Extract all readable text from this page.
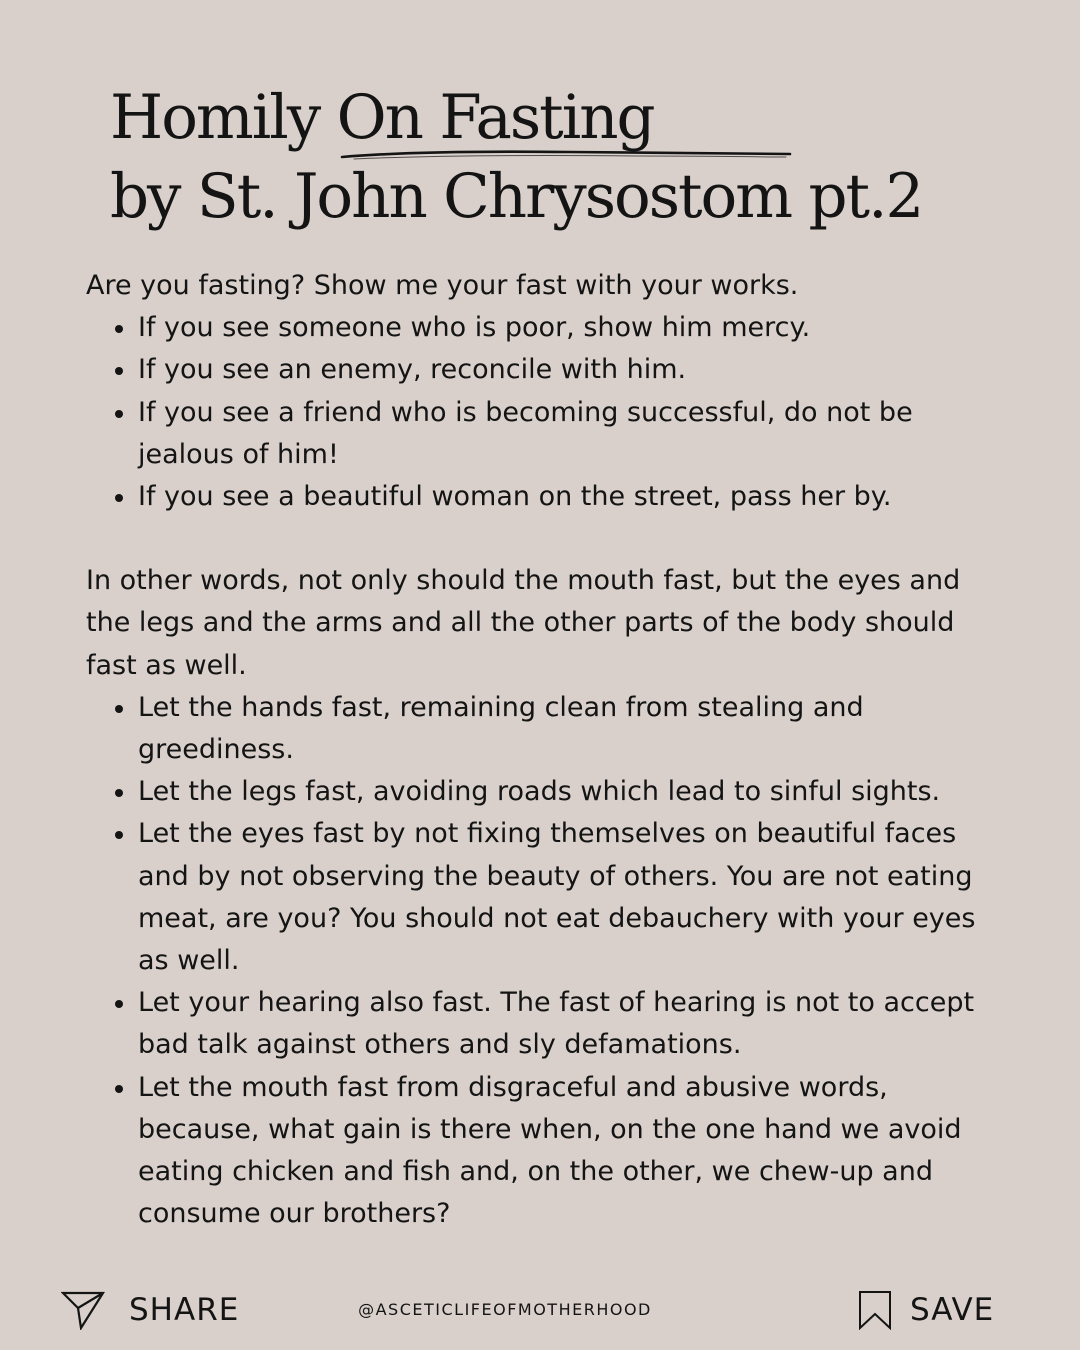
Homily On Fasting
by St. John Chrysostom pt.2

Are you fasting? Show me your fast with your works.

If you see someone who is poor, show him mercy.
If you see an enemy, reconcile with him.
If you see a friend who is becoming successful, do not be jealous of him!
If you see a beautiful woman on the street, pass her by.

In other words, not only should the mouth fast, but the eyes and the legs and the arms and all the other parts of the body should fast as well.

Let the hands fast, remaining clean from stealing and greediness.
Let the legs fast, avoiding roads which lead to sinful sights.
Let the eyes fast by not fixing themselves on beautiful faces and by not observing the beauty of others. You are not eating meat, are you? You should not eat debauchery with your eyes as well.
Let your hearing also fast. The fast of hearing is not to accept bad talk against others and sly defamations.
Let the mouth fast from disgraceful and abusive words, because, what gain is there when, on the one hand we avoid eating chicken and fish and, on the other, we chew-up and consume our brothers?
SHARE	@ASCETICLIFEOFMOTHERHOOD	SAVE
